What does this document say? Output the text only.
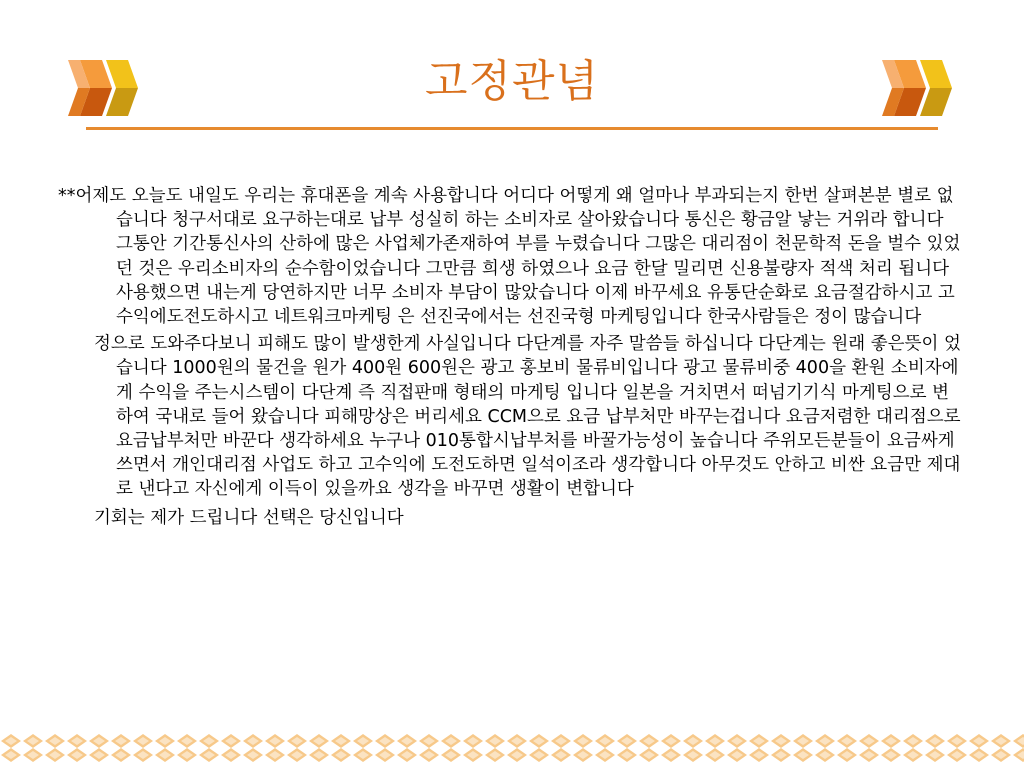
고정관념

**어제도 오늘도 내일도 우리는 휴대폰을 계속 사용합니다 어디다 어떻게 왜 얼마나 부과되는지 한번 살펴본분 별로 없습니다 청구서대로 요구하는대로 납부 성실히 하는 소비자로 살아왔습니다 통신은 황금알 낳는 거위라 합니다 그통안 기간통신사의 산하에 많은 사업체가존재하여 부를 누렸습니다 그많은 대리점이 천문학적 돈을 벌수 있었던 것은 우리소비자의 순수함이었습니다 그만큼 희생 하였으나 요금 한달 밀리면 신용불량자 적색 처리 됩니다 사용했으면 내는게 당연하지만 너무 소비자 부담이 많았습니다 이제 바꾸세요 유통단순화로 요금절감하시고 고수익에도전도하시고 네트워크마케팅 은 선진국에서는 선진국형 마케팅입니다 한국사람들은 정이 많습니다

정으로 도와주다보니 피해도 많이 발생한게 사실입니다 다단계를 자주 말씀들 하십니다 다단계는 원래 좋은뜻이 었습니다 1000원의 물건을 원가 400원 600원은 광고 홍보비 물류비입니다 광고 물류비중 400을 환원 소비자에게 수익을 주는시스템이 다단계 즉 직접판매 형태의 마게팅 입니다 일본을 거치면서 떠넘기기식 마게팅으로 변하여 국내로 들어 왔습니다 피해망상은 버리세요 CCM으로 요금 납부처만 바꾸는겁니다 요금저렴한 대리점으로 요금납부처만 바꾼다 생각하세요 누구나 010통합시납부처를 바꿀가능성이 높습니다 주위모든분들이 요금싸게쓰면서 개인대리점 사업도 하고 고수익에 도전도하면 일석이조라 생각합니다 아무것도 안하고 비싼 요금만 제대로 낸다고 자신에게 이득이 있을까요 생각을 바꾸면 생활이 변합니다

기회는 제가 드립니다 선택은 당신입니다
